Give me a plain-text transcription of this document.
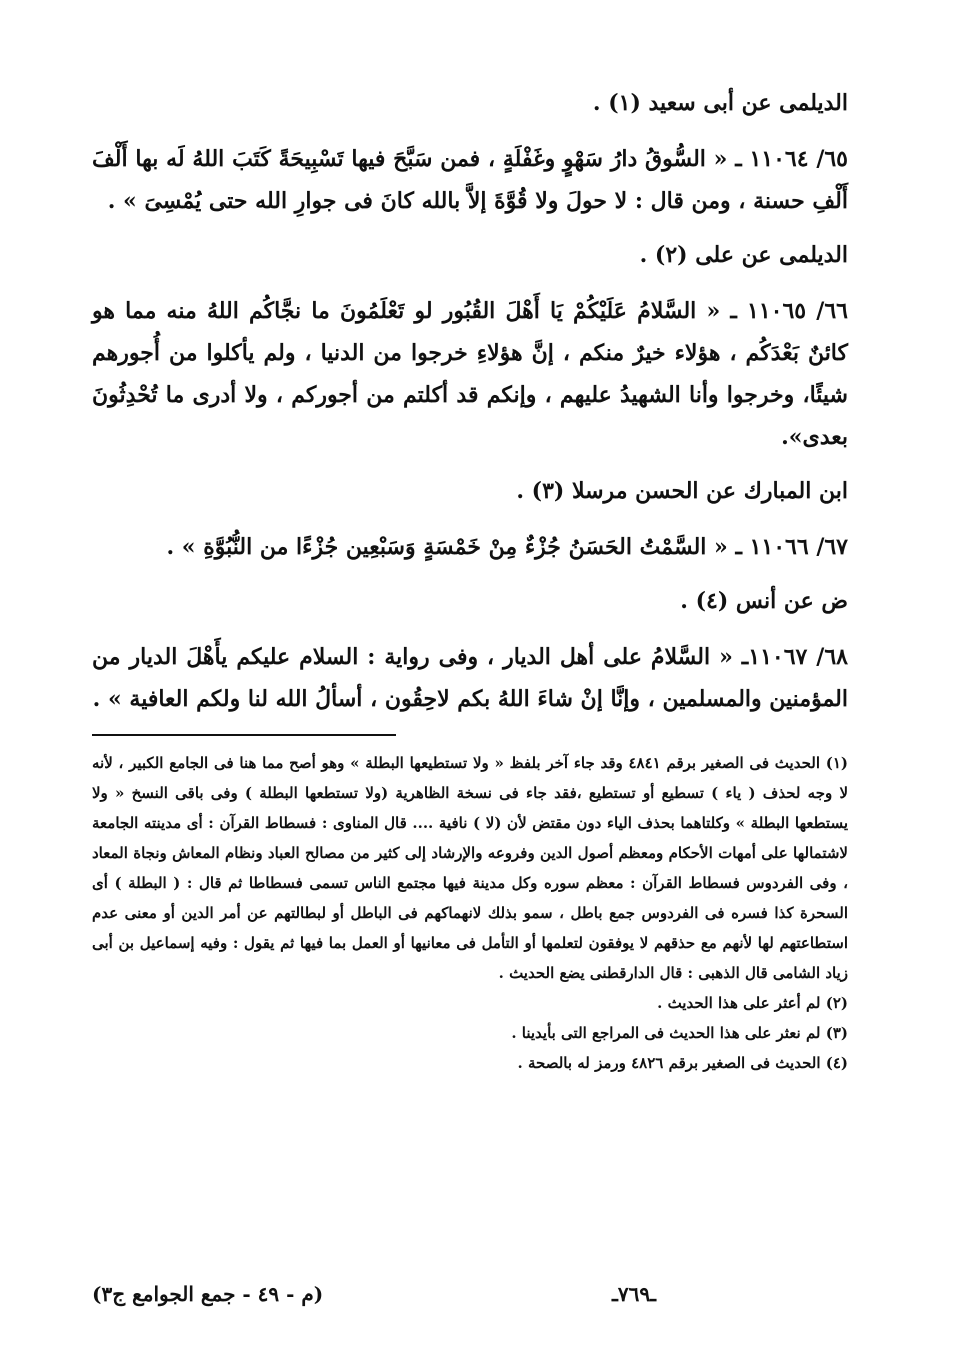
الديلمى عن أبى سعيد (١) .

٦٥/ ١١٠٦٤ ـ « السُّوقُ دارُ سَهْوٍ وغَفْلَةٍ ، فمن سَبَّحَ فيها تَسْبِيحَةً كَتَبَ اللهُ لَه بها أَلْفَ أَلْفِ حسنة ، ومن قال : لا حولَ ولا قُوَّةَ إلاَّ بالله كانَ فى جوارِ الله حتى يُمْسِىَ » .

الديلمى عن على (٢) .

٦٦/ ١١٠٦٥ ـ « السَّلامُ عَلَيْكُمْ يَا أَهْلَ القُبُور لو تَعْلَمُونَ ما نجَّاكُم اللهُ منه مما هو كائنٌ بَعْدَكُم ، هؤلاء خيرٌ منكم ، إنَّ هؤلاءِ خرجوا من الدنيا ، ولم يأكلوا من أُجورهم شيئًا، وخرجوا وأنا الشهيدُ عليهم ، وإنكم قد أكلتم من أجوركم ، ولا أدرى ما تُحْدِثُونَ بعدى».

ابن المبارك عن الحسن مرسلا (٣) .

٦٧/ ١١٠٦٦ ـ « السَّمْتُ الحَسَنُ جُزْءٌ مِنْ خَمْسَةٍ وَسَبْعِين جُزْءًا من النُّبُوَّةِ » .

ض عن أنس (٤) .

٦٨/ ١١٠٦٧ـ « السَّلامُ على أهل الديار ، وفى رواية : السلام عليكم يأَهْلَ الديار من المؤمنين والمسلمين ، وإنَّا إنْ شاءَ اللهُ بكم لاحِقُون ، أسألُ الله لنا ولكم العافية » .

(١) الحديث فى الصغير برقم ٤٨٤١ وقد جاء آخر بلفظ « ولا تستطيعها البطلة » وهو أصح مما هنا فى الجامع الكبير ، لأنه لا وجه لحذف ( ياء ) تسطيع أو تستطيع ،فقد جاء فى نسخة الظاهرية (ولا تستطعها البطلة ) وفى باقى النسخ « ولا يستطعها البطلة » وكلتاهما بحذف الياء دون مقتض لأن (لا ) نافية .... قال المناوى : فسطاط القرآن : أى مدينته الجامعة لاشتمالها على أمهات الأحكام ومعظم أصول الدين وفروعه والإرشاد إلى كثير من مصالح العباد ونظام المعاش ونجاة المعاد ، وفى الفردوس فسطاط القرآن : معظم سوره وكل مدينة فيها مجتمع الناس تسمى فسطاطا ثم قال : ( البطلة ) أى السحرة كذا فسره فى الفردوس جمع باطل ، سمو بذلك لانهماكهم فى الباطل أو لبطالتهم عن أمر الدين أو معنى عدم استطاعتهم لها لأنهم مع حذقهم لا يوفقون لتعلمها أو التأمل فى معانيها أو العمل بما فيها ثم يقول : وفيه إسماعيل بن أبى زياد الشامى قال الذهبى : قال الدارقطنى يضع الحديث .

(٢) لم أعثر على هذا الحديث .

(٣) لم نعثر على هذا الحديث فى المراجع التى بأيدينا .

(٤) الحديث فى الصغير برقم ٤٨٢٦ ورمز له بالصحة .

ـ٧٦٩ـ
(م - ٤٩ - جمع الجوامع ج٣)
